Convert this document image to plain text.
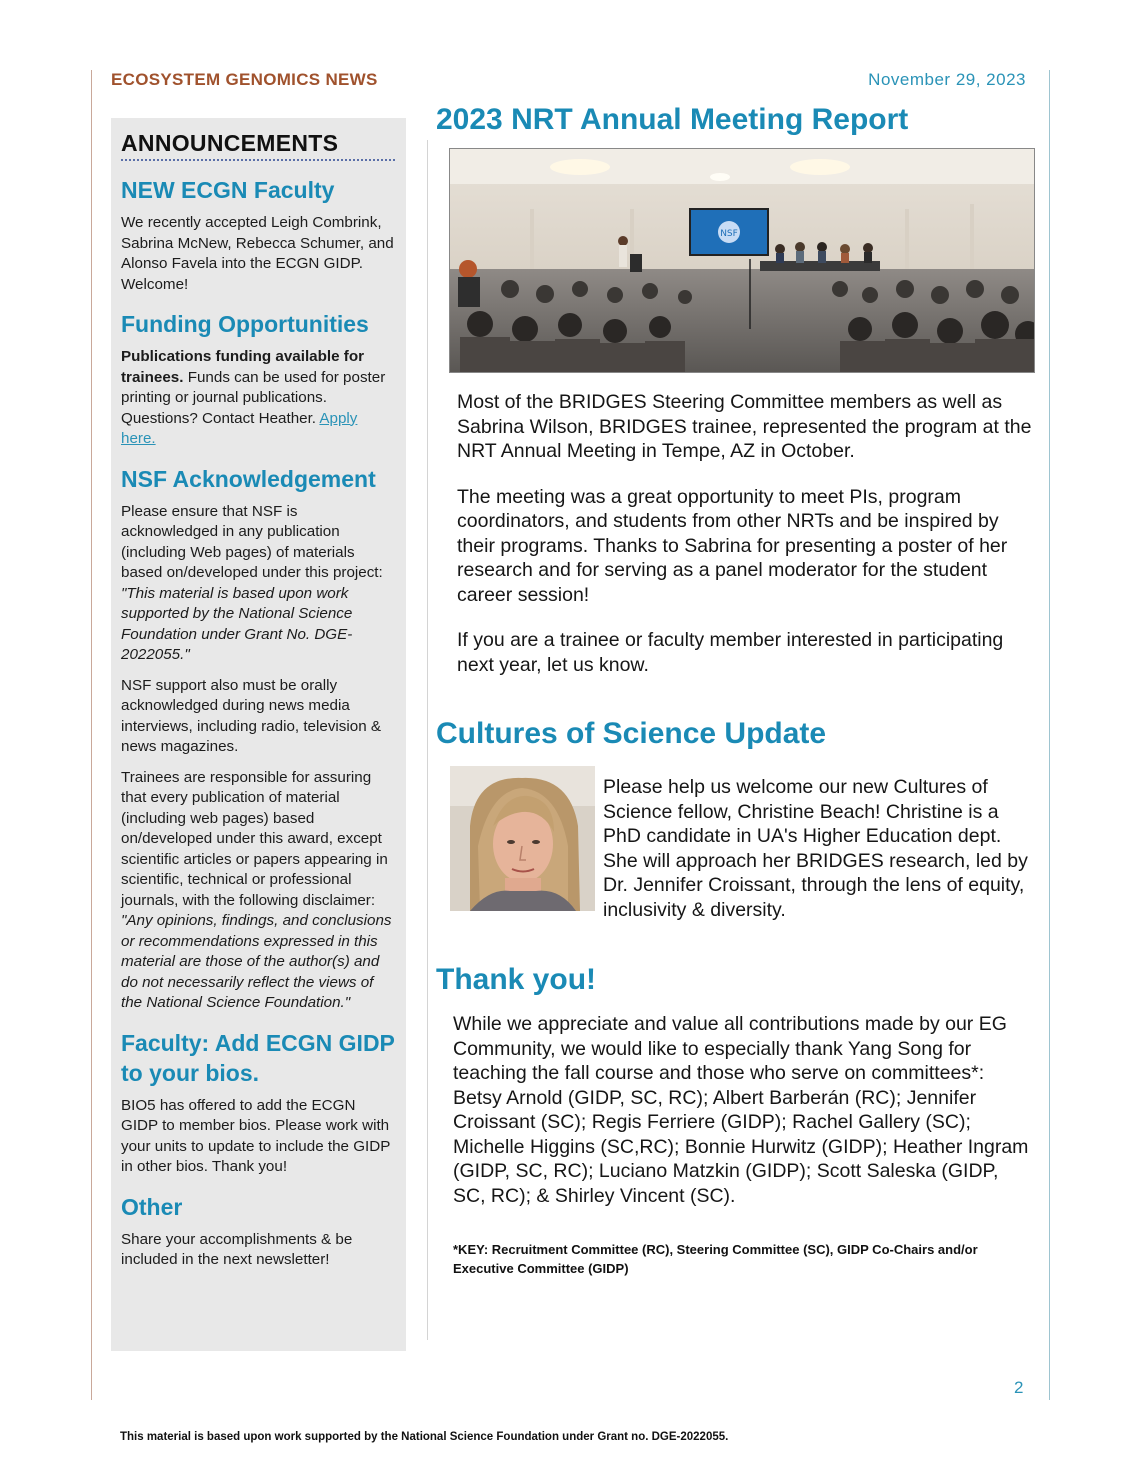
ECOSYSTEM GENOMICS NEWS	November 29, 2023
ANNOUNCEMENTS
NEW ECGN Faculty

We recently accepted Leigh Combrink, Sabrina McNew, Rebecca Schumer, and Alonso Favela into the ECGN GIDP. Welcome!

Funding Opportunities

Publications funding available for trainees. Funds can be used for poster printing or journal publications. Questions? Contact Heather. Apply here.

NSF Acknowledgement

Please ensure that NSF is acknowledged in any publication (including Web pages) of materials based on/developed under this project: "This material is based upon work supported by the National Science Foundation under Grant No. DGE-2022055."

NSF support also must be orally acknowledged during news media interviews, including radio, television & news magazines.

Trainees are responsible for assuring that every publication of material (including web pages) based on/developed under this award, except scientific articles or papers appearing in scientific, technical or professional journals, with the following disclaimer: "Any opinions, findings, and conclusions or recommendations expressed in this material are those of the author(s) and do not necessarily reflect the views of the National Science Foundation."

Faculty: Add ECGN GIDP to your bios.

BIO5 has offered to add the ECGN GIDP to member bios. Please work with your units to update to include the GIDP in other bios. Thank you!

Other

Share your accomplishments & be included in the next newsletter!

2023 NRT Annual Meeting Report
NSF

Most of the BRIDGES Steering Committee members as well as Sabrina Wilson, BRIDGES trainee, represented the program at the NRT Annual Meeting in Tempe, AZ in October.

The meeting was a great opportunity to meet PIs, program coordinators, and students from other NRTs and be inspired by their programs. Thanks to Sabrina for presenting a poster of her research and for serving as a panel moderator for the student career session!

If you are a trainee or faculty member interested in participating next year, let us know.

Cultures of Science Update

Please help us welcome our new Cultures of Science fellow, Christine Beach! Christine is a PhD candidate in UA's Higher Education dept. She will approach her BRIDGES research, led by Dr. Jennifer Croissant, through the lens of equity, inclusivity & diversity.

Thank you!

While we appreciate and value all contributions made by our EG Community, we would like to especially thank Yang Song for teaching the fall course and those who serve on committees*: Betsy Arnold (GIDP, SC, RC); Albert Barberán (RC); Jennifer Croissant (SC); Regis Ferriere (GIDP); Rachel Gallery (SC); Michelle Higgins (SC,RC); Bonnie Hurwitz (GIDP); Heather Ingram (GIDP, SC, RC); Luciano Matzkin (GIDP); Scott Saleska (GIDP, SC, RC); & Shirley Vincent (SC).

*KEY: Recruitment Committee (RC), Steering Committee (SC), GIDP Co-Chairs and/or Executive Committee (GIDP)
2
This material is based upon work supported by the National Science Foundation under Grant no. DGE-2022055.
